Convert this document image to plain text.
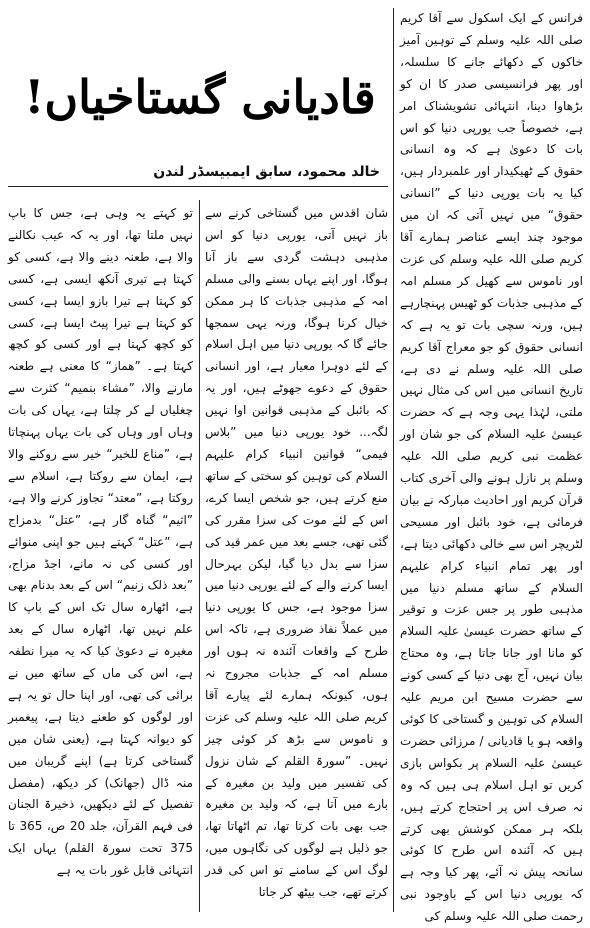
قادیانی گستاخیاں!
خالد محمود، سابق ایمبیسڈر لندن

فرانس کے ایک اسکول سے آقا کریم صلی اللہ علیہ وسلم کے توہین آمیز خاکوں کے دکھائے جانے کا سلسلہ، اور پھر فرانسیسی صدر کا ان کو بڑھاوا دینا، انتہائی تشویشناک امر ہے، خصوصاً جب یورپی دنیا کو اس بات کا دعویٰ ہے کہ وہ انسانی حقوق کے ٹھیکیدار اور علمبردار ہیں، کیا یہ بات یورپی دنیا کے ”انسانی حقوق“ میں نہیں آتی کہ ان میں موجود چند ایسے عناصر ہمارے آقا کریم صلی اللہ علیہ وسلم کی عزت اور ناموس سے کھیل کر مسلم امہ کے مذہبی جذبات کو ٹھیس پہنچارہے ہیں، ورنہ سچی بات تو یہ ہے کہ انسانی حقوق کو جو معراج آقا کریم صلی اللہ علیہ وسلم نے دی ہے، تاریخ انسانی میں اس کی مثال نہیں ملتی، لہٰذا یہی وجہ ہے کہ حضرت عیسیٰ علیہ السلام کی جو شان اور عظمت نبی کریم صلی اللہ علیہ وسلم پر نازل ہونے والی آخری کتاب قرآن کریم اور احادیث مبارکہ نے بیان فرمائی ہے، خود بائبل اور مسیحی لٹریچر اس سے خالی دکھائی دیتا ہے، اور پھر تمام انبیاء کرام علیہم السلام کے ساتھ مسلم دنیا میں مذہبی طور پر جس عزت و توقیر کے ساتھ حضرت عیسیٰ علیہ السلام کو مانا اور جانا جاتا ہے، وہ محتاج بیان نہیں، آج بھی دنیا کے کسی کونے سے حضرت مسیح ابن مریم علیہ السلام کی توہین و گستاخی کا کوئی واقعہ ہو یا قادیانی / مرزائی حضرت عیسیٰ علیہ السلام پر بکواس بازی کریں تو اہل اسلام ہی ہیں کہ وہ نہ صرف اس پر احتجاج کرتے ہیں، بلکہ ہر ممکن کوشش بھی کرتے ہیں کہ آئندہ اس طرح کا کوئی سانحہ پیش نہ آئے، پھر کیا وجہ ہے کہ یورپی دنیا اس کے باوجود نبی رحمت صلی اللہ علیہ وسلم کی

شان اقدس میں گستاخی کرنے سے باز نہیں آتی، یورپی دنیا کو اس مذہبی دہشت گردی سے باز آنا ہوگا، اور اپنے یہاں بسنے والی مسلم امہ کے مذہبی جذبات کا ہر ممکن خیال کرنا ہوگا، ورنہ یہی سمجھا جائے گا کہ یورپی دنیا میں اہل اسلام کے لئے دوہرا معیار ہے، اور انسانی حقوق کے دعوے جھوٹے ہیں، اور یہ کہ بائبل کے مذہبی قوانین اوا نہیں لگہ... خود یورپی دنیا میں ”بلاس فیمی“ قوانین انبیاء کرام علیہم السلام کی توہین کو سختی کے ساتھ منع کرتے ہیں، جو شخص ایسا کرے، اس کے لئے موت کی سزا مقرر کی گئی تھی، جسے بعد میں عمر قید کی سزا سے بدل دیا گیا، لیکن بہرحال ایسا کرنے والے کے لئے یورپی دنیا میں سزا موجود ہے، جس کا یورپی دنیا میں عملاً نفاذ ضروری ہے، تاکہ اس طرح کے واقعات آئندہ نہ ہوں اور مسلم امہ کے جذبات مجروح نہ ہوں، کیونکہ ہمارے لئے پیارے آقا کریم صلی اللہ علیہ وسلم کی عزت و ناموس سے بڑھ کر کوئی چیز نہیں۔ ”سورۃ القلم کے شان نزول کی تفسیر میں ولید بن مغیرہ کے بارے میں آتا ہے، کہ ولید بن مغیرہ جب بھی بات کرتا تھا، تم اٹھاتا تھا، جو ذلیل ہے لوگوں کی نگاہوں میں، لوگ اس کے سامنے تو اس کی قدر کرتے تھے، جب بیٹھ کر جاتا

تو کہتے یہ وہی ہے، جس کا باپ نہیں ملتا تھا، اور یہ کہ عیب نکالنے والا ہے، طعنہ دینے والا ہے، کسی کو کہتا ہے تیری آنکھ ایسی ہے، کسی کو کہتا ہے تیرا بازو ایسا ہے، کسی کو کہتا ہے تیرا پیٹ ایسا ہے، کسی کو کچھ کہتا ہے اور کسی کو کچھ کہتا ہے۔ ”ھماز“ کا معنی ہے طعنہ مارنے والا، ”مشاء بنمیم“ کثرت سے چغلیاں لے کر چلتا ہے، یہاں کی بات وہاں اور وہاں کی بات یہاں پہنچاتا ہے، ”مناع للخیر“ خیر سے روکنے والا ہے، ایمان سے روکتا ہے، اسلام سے روکتا ہے، ”معتد“ تجاوز کرنے والا ہے، ”اثیم“ گناہ گار ہے، ”عتل“ بدمزاج ہے، ”عتل“ کہتے ہیں جو اپنی منوائے اور کسی کی نہ مانے، اجڈ مزاج، ”بعد ذلک زنیم“ اس کے بعد بدنام بھی ہے، اٹھارہ سال تک اس کے باپ کا علم نہیں تھا، اٹھارہ سال کے بعد مغیرہ نے دعویٰ کیا کہ یہ میرا نطفہ ہے، اس کی ماں کے ساتھ میں نے برائی کی تھی، اور اپنا حال تو یہ ہے اور لوگوں کو طعنے دیتا ہے، پیغمبر کو دیوانہ کہتا ہے، (یعنی شان میں گستاخی کرتا ہے) اپنے گریبان میں منہ ڈال (جھانک) کر دیکھ، (مفصل تفصیل کے لئے دیکھیں، ذخیرۃ الجنان فی فہم القرآن، جلد 20 ص، 365 تا 375 تحت سورۃ القلم) یہاں ایک انتہائی قابل غور بات یہ ہے
